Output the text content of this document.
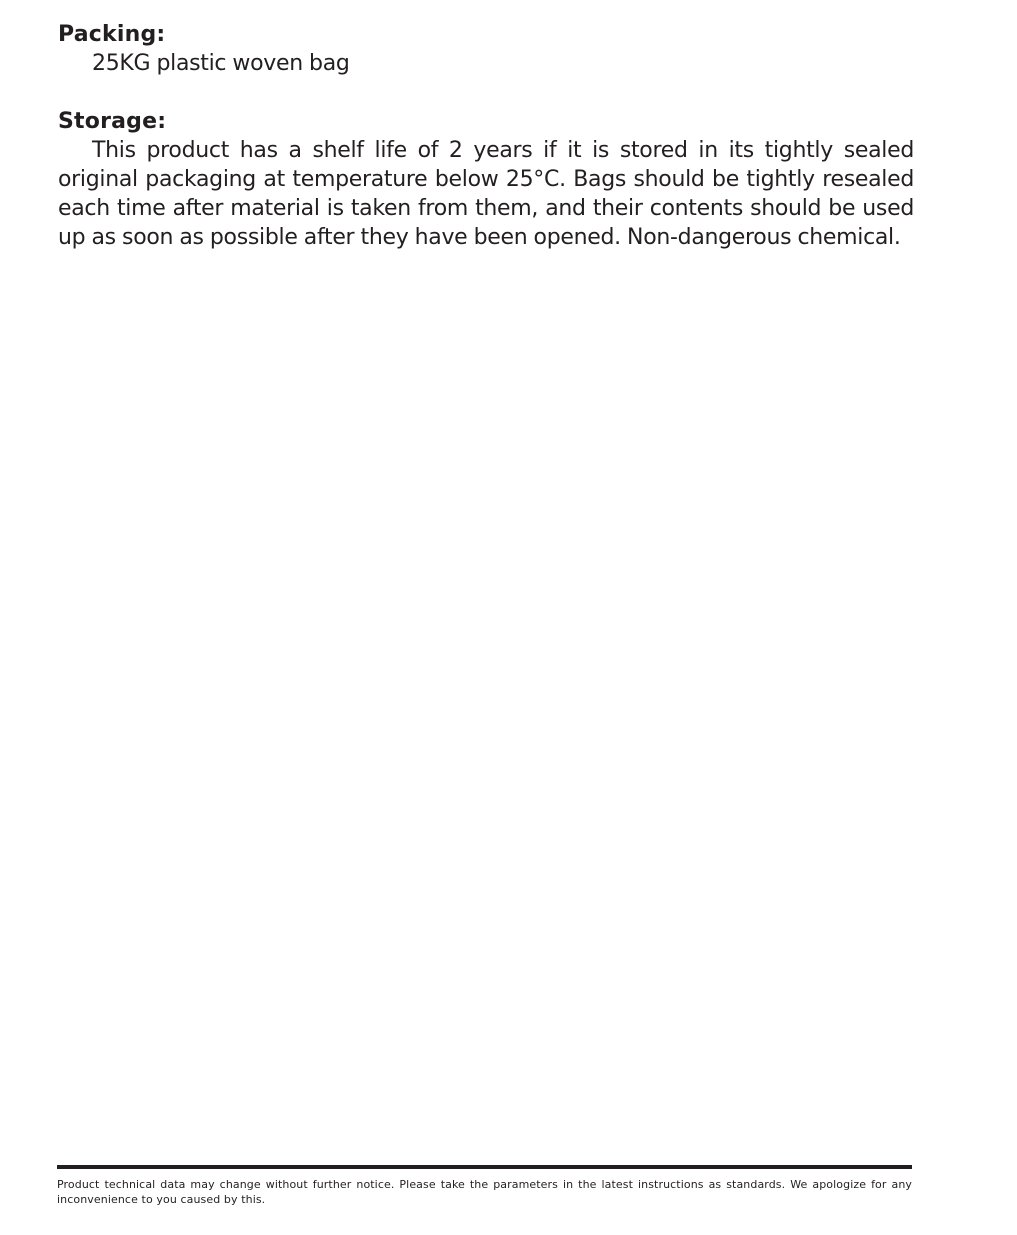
Packing:

25KG plastic woven bag

Storage:

This product has a shelf life of 2 years if it is stored in its tightly sealed original packaging at temperature below 25°C. Bags should be tightly resealed each time after material is taken from them, and their contents should be used up as soon as possible after they have been opened. Non-dangerous chemical.

Product technical data may change without further notice. Please take the parameters in the latest instructions as standards. We apologize for any inconvenience to you caused by this.
